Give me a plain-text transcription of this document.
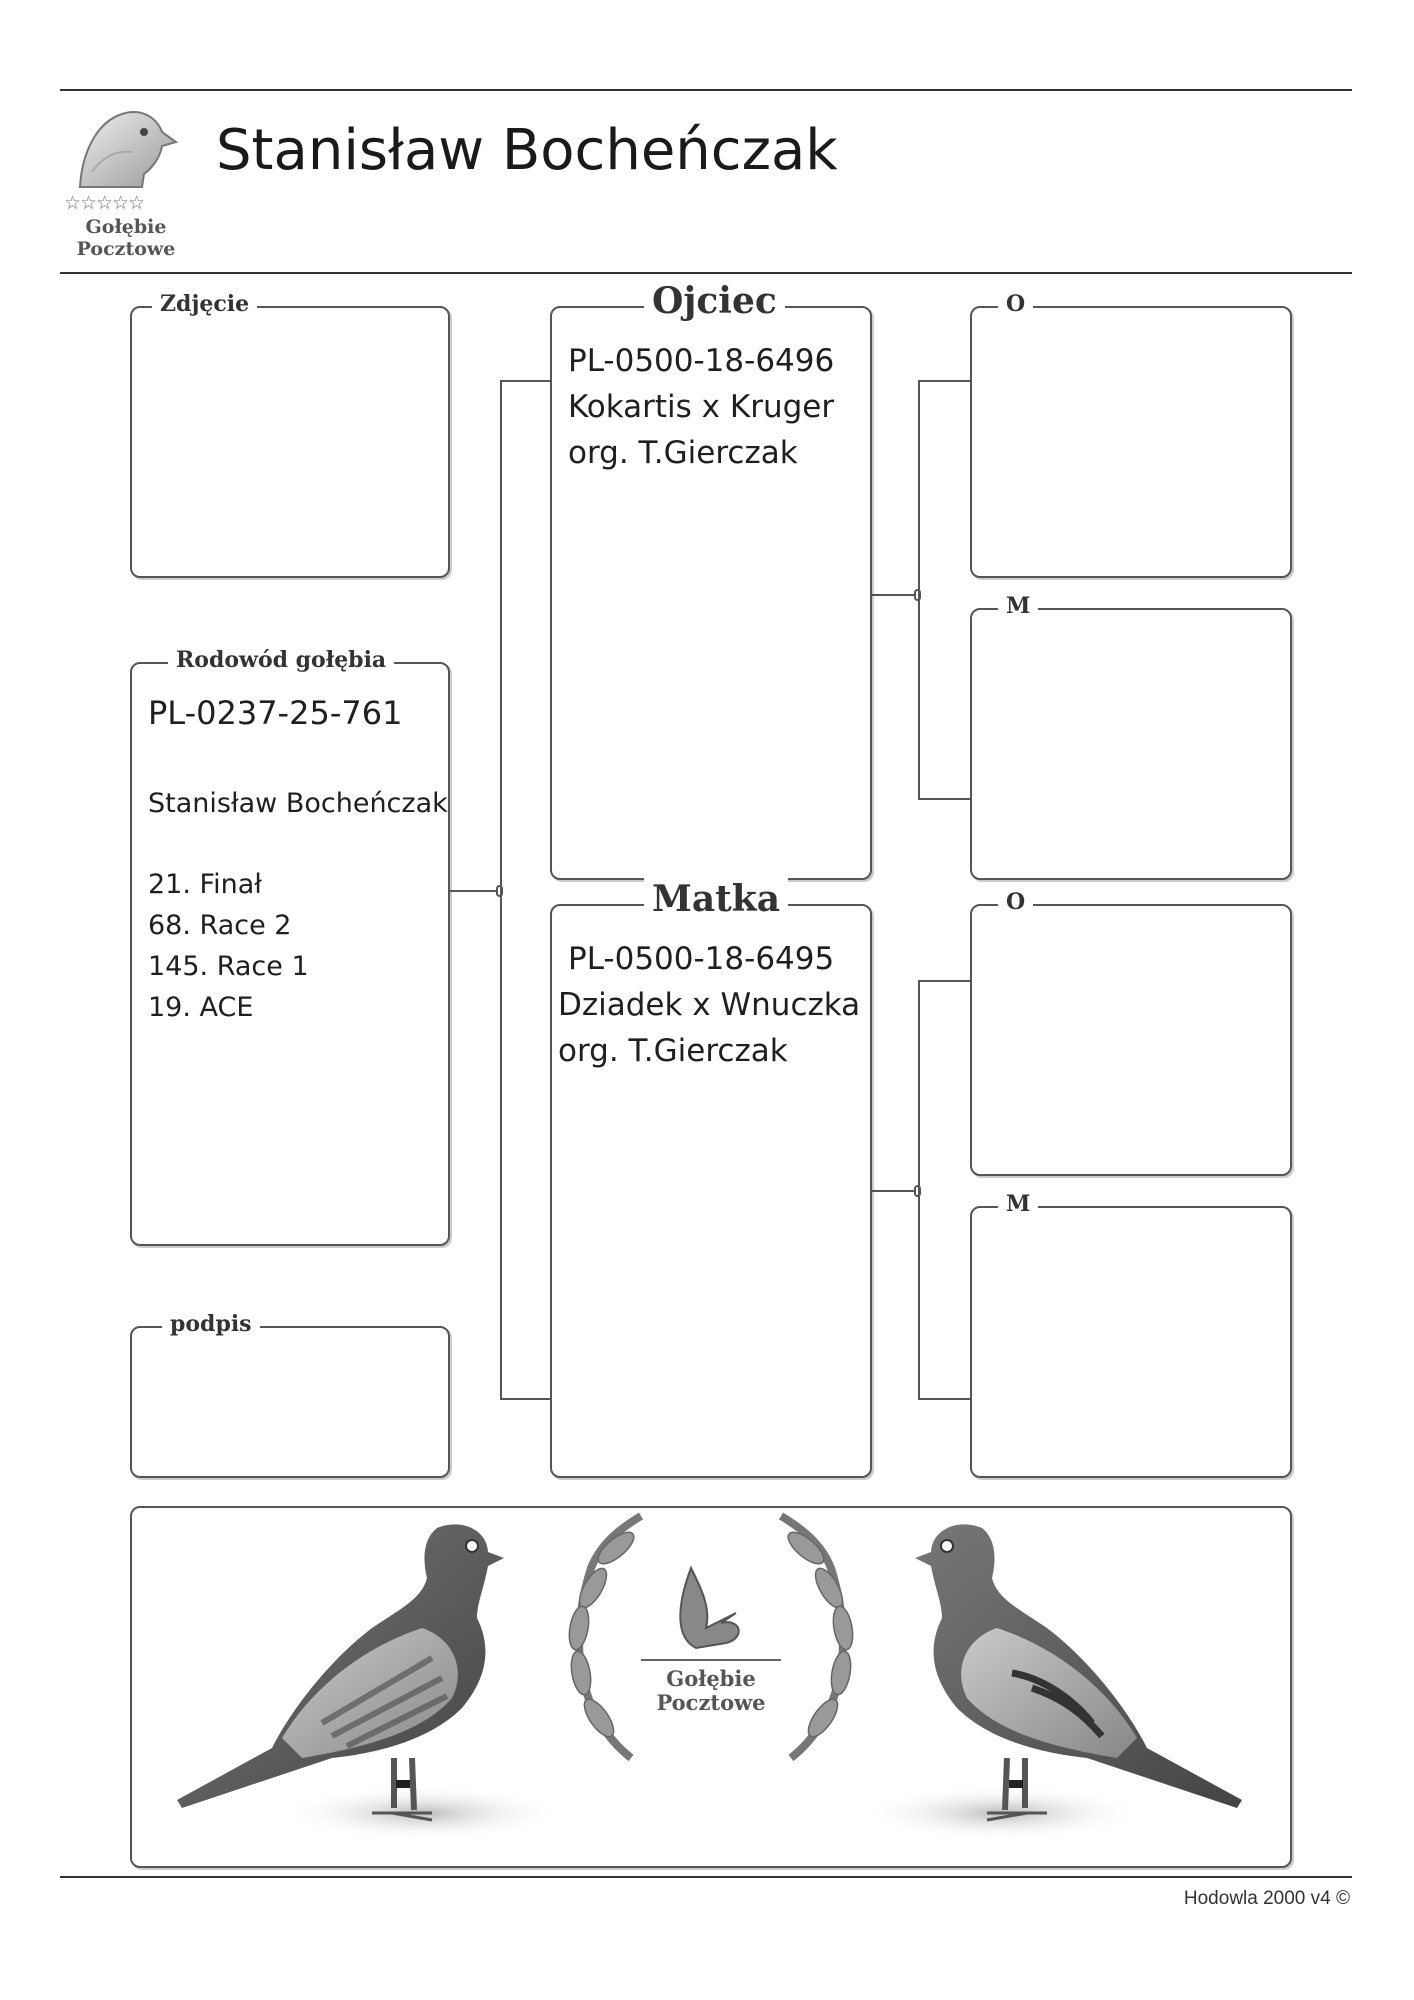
☆☆☆☆☆
Gołębie
Pocztowe
Stanisław Bocheńczak
Zdjęcie
Rodowód gołębia
PL-0237-25-761
Stanisław Bocheńczak
21. Finał
68. Race 2
145. Race 1
19. ACE
podpis
Ojciec
PL-0500-18-6496
Kokartis x Kruger
org. T.Gierczak
Matka
PL-0500-18-6495
Dziadek x Wnuczka
org. T.Gierczak
O
M
O
M
Gołębie
Pocztowe
Hodowla 2000 v4 ©
